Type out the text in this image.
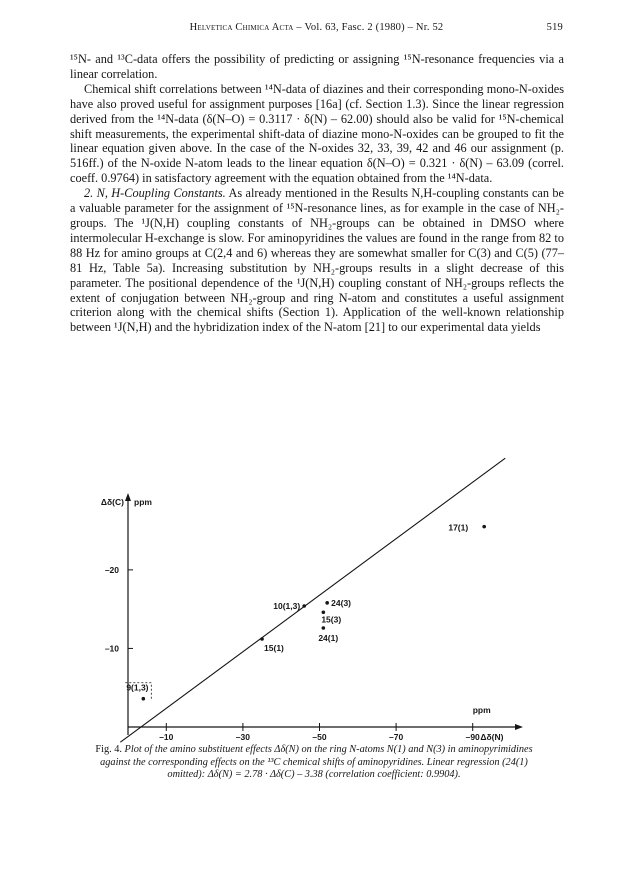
Helvetica Chimica Acta – Vol. 63, Fasc. 2 (1980) – Nr. 52	519

¹⁵N- and ¹³C-data offers the possibility of predicting or assigning ¹⁵N-resonance frequencies via a linear correlation.

Chemical shift correlations between ¹⁴N-data of diazines and their corresponding mono-N-oxides have also proved useful for assignment purposes [16a] (cf. Section 1.3). Since the linear regression derived from the ¹⁴N-data (δ(N–O) = 0.3117 · δ(N) – 62.00) should also be valid for ¹⁵N-chemical shift measurements, the experimental shift-data of diazine mono-N-oxides can be grouped to fit the linear equation given above. In the case of the N-oxides 32, 33, 39, 42 and 46 our assignment (p. 516ff.) of the N-oxide N-atom leads to the linear equation δ(N–O) = 0.321 · δ(N) – 63.09 (correl. coeff. 0.9764) in satisfactory agreement with the equation obtained from the ¹⁴N-data.

2. N, H-Coupling Constants. As already mentioned in the Results N,H-coupling constants can be a valuable parameter for the assignment of ¹⁵N-resonance lines, as for example in the case of NH₂-groups. The ¹J(N,H) coupling constants of NH₂-groups can be obtained in DMSO where intermolecular H-exchange is slow. For aminopyridines the values are found in the range from 82 to 88 Hz for amino groups at C(2,4 and 6) whereas they are somewhat smaller for C(3) and C(5) (77–81 Hz, Table 5a). Increasing substitution by NH₂-groups results in a slight decrease of this parameter. The positional dependence of the ¹J(N,H) coupling constant of NH₂-groups reflects the extent of conjugation between NH₂-group and ring N-atom and constitutes a useful assignment criterion along with the chemical shifts (Section 1). Application of the well-known relationship between ¹J(N,H) and the hybridization index of the N-atom [21] to our experimental data yields

–10	–30	–50	–70	–90
–10
–20
Δδ(C) ppm
Δδ(N)
ppm
17(1)
24(3)
10(1,3)
15(3)
24(1)
15(1)
9(1,3)
Fig. 4. Plot of the amino substituent effects Δδ(N) on the ring N-atoms N(1) and N(3) in aminopyrimidines against the corresponding effects on the ¹³C chemical shifts of aminopyridines. Linear regression (24(1) omitted): Δδ(N) = 2.78 · Δδ(C) – 3.38 (correlation coefficient: 0.9904).
